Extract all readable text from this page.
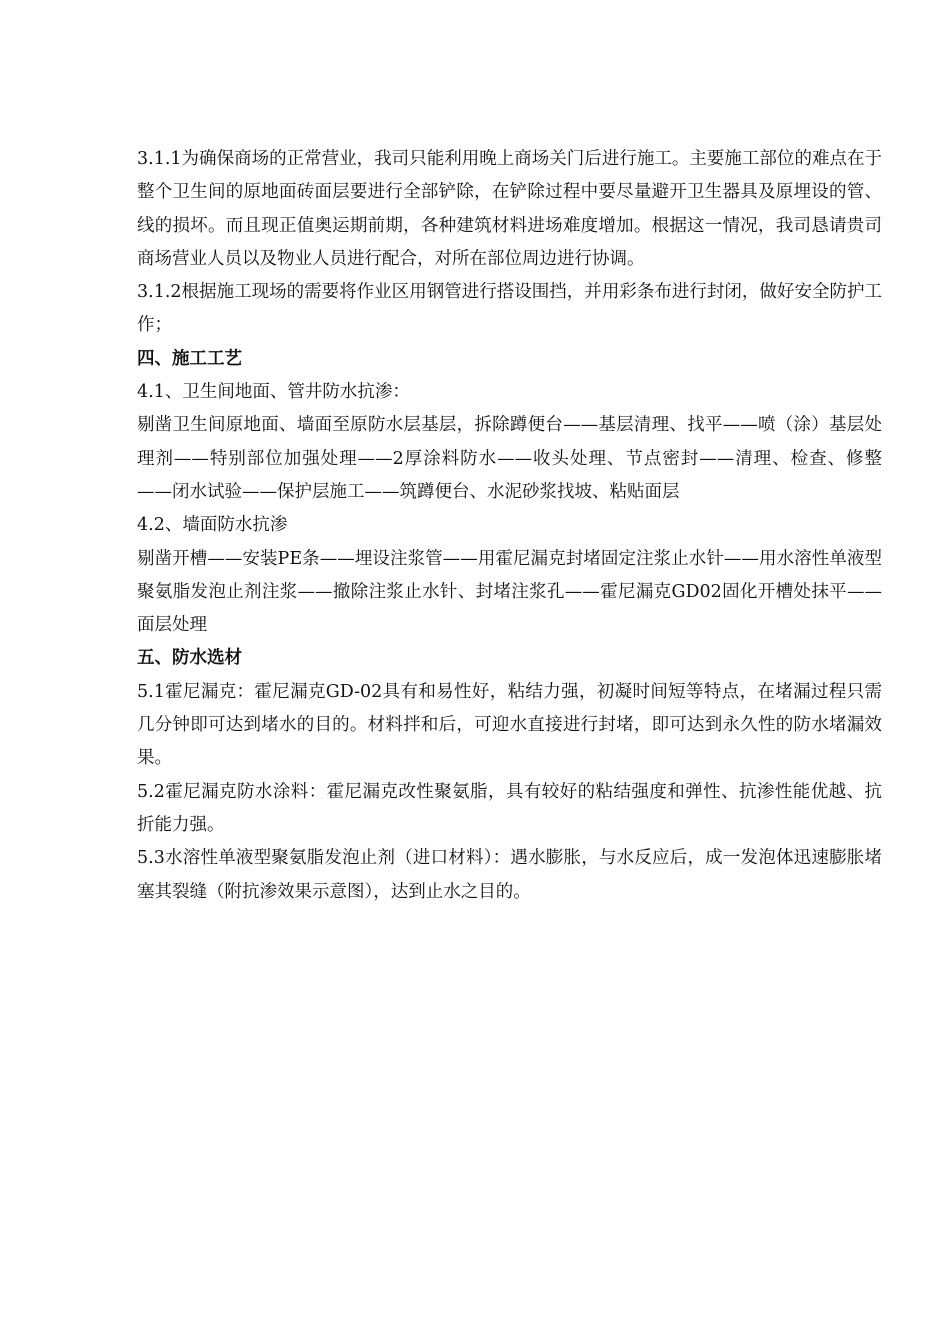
3.1.1为确保商场的正常营业，我司只能利用晚上商场关门后进行施工。主要施工部位的难点在于整个卫生间的原地面砖面层要进行全部铲除，在铲除过程中要尽量避开卫生器具及原埋设的管、线的损坏。而且现正值奥运期前期，各种建筑材料进场难度增加。根据这一情况，我司恳请贵司商场营业人员以及物业人员进行配合，对所在部位周边进行协调。

3.1.2根据施工现场的需要将作业区用钢管进行搭设围挡，并用彩条布进行封闭，做好安全防护工作；

四、施工工艺

4.1、卫生间地面、管井防水抗渗：

剔凿卫生间原地面、墙面至原防水层基层，拆除蹲便台——基层清理、找平——喷（涂）基层处理剂——特别部位加强处理——2厚涂料防水——收头处理、节点密封——清理、检查、修整——闭水试验——保护层施工——筑蹲便台、水泥砂浆找坡、粘贴面层

4.2、墙面防水抗渗

剔凿开槽——安装PE条——埋设注浆管——用霍尼漏克封堵固定注浆止水针——用水溶性单液型聚氨脂发泡止剂注浆——撤除注浆止水针、封堵注浆孔——霍尼漏克GD02固化开槽处抹平——面层处理

五、防水选材

5.1霍尼漏克：霍尼漏克GD-02具有和易性好，粘结力强，初凝时间短等特点，在堵漏过程只需几分钟即可达到堵水的目的。材料拌和后，可迎水直接进行封堵，即可达到永久性的防水堵漏效果。

5.2霍尼漏克防水涂料：霍尼漏克改性聚氨脂，具有较好的粘结强度和弹性、抗渗性能优越、抗折能力强。

5.3水溶性单液型聚氨脂发泡止剂（进口材料）：遇水膨胀，与水反应后，成一发泡体迅速膨胀堵塞其裂缝（附抗渗效果示意图），达到止水之目的。
